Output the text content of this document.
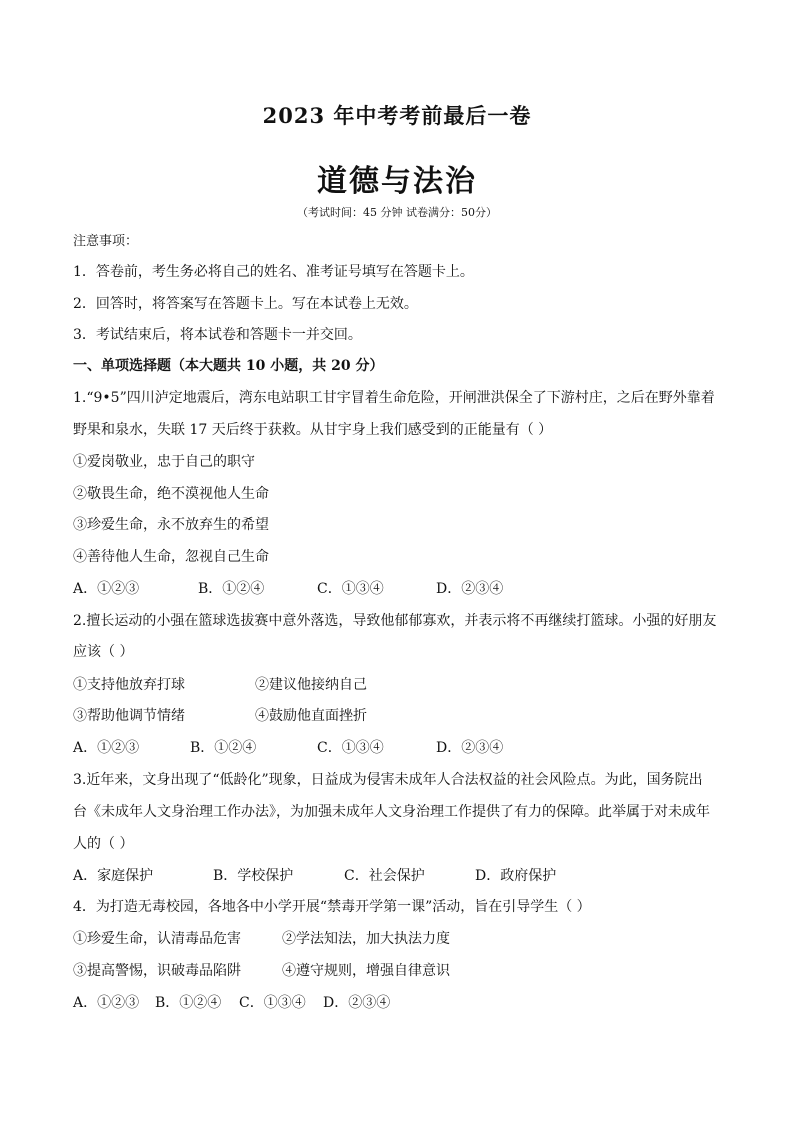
2023 年中考考前最后一卷
道德与法治
（考试时间：45 分钟 试卷满分：50分）
注意事项：
1．答卷前，考生务必将自己的姓名、准考证号填写在答题卡上。
2．回答时，将答案写在答题卡上。写在本试卷上无效。
3．考试结束后，将本试卷和答题卡一并交回。
一、单项选择题（本大题共 10 小题，共 20 分）
1.“9•5”四川泸定地震后，湾东电站职工甘宇冒着生命危险，开闸泄洪保全了下游村庄，之后在野外靠着
野果和泉水，失联 17 天后终于获救。从甘宇身上我们感受到的正能量有（ ）
①爱岗敬业，忠于自己的职守
②敬畏生命，绝不漠视他人生命
③珍爱生命，永不放弃生的希望
④善待他人生命，忽视自己生命
A．①②③	B．①②④	C．①③④	D．②③④
2.擅长运动的小强在篮球选拔赛中意外落选，导致他郁郁寡欢，并表示将不再继续打篮球。小强的好朋友
应该（ ）
①支持他放弃打球	②建议他接纳自己
③帮助他调节情绪	④鼓励他直面挫折
A．①②③	B．①②④	C．①③④	D．②③④
3.近年来，文身出现了“低龄化”现象，日益成为侵害未成年人合法权益的社会风险点。为此，国务院出
台《未成年人文身治理工作办法》，为加强未成年人文身治理工作提供了有力的保障。此举属于对未成年
人的（ ）
A．家庭保护	B．学校保护	C．社会保护	D．政府保护
4．为打造无毒校园，各地各中小学开展“禁毒开学第一课”活动，旨在引导学生（ ）
①珍爱生命，认清毒品危害	②学法知法，加大执法力度
③提高警惕，识破毒品陷阱	④遵守规则，增强自律意识
A．①②③ B．①②④ C．①③④ D．②③④
